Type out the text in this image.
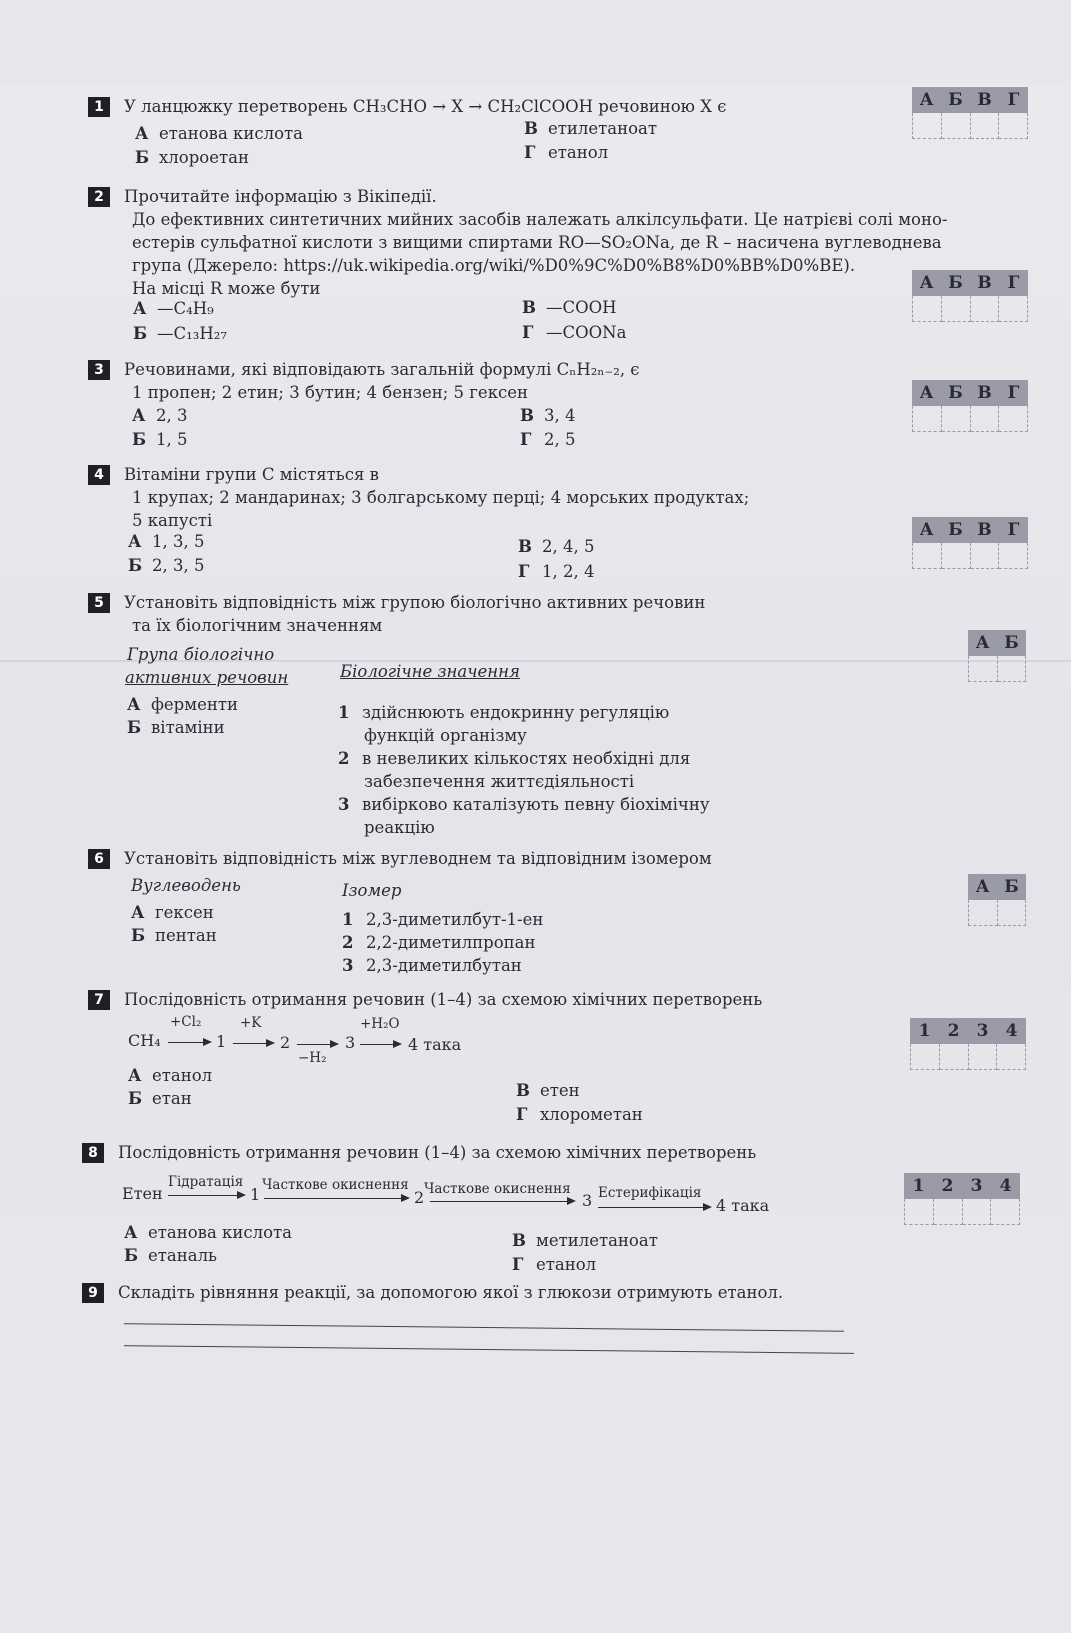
1 У ланцюжку перетворень CH₃CHO → X → CH₂ClCOOH речовиною X є
А етанова кислота
Б хлороетан
В етилетаноат
Г етанол
А Б В Г
2 Прочитайте інформацію з Вікіпедії.
До ефективних синтетичних мийних засобів належать алкілсульфати. Це натрієві солі моно-
естерів сульфатної кислоти з вищими спиртами RO—SO₂ONa, де R – насичена вуглеводнева
група (Джерело: https://uk.wikipedia.org/wiki/%D0%9C%D0%B8%D0%BB%D0%BE).
На місці R може бути
А —C₄H₉
Б —C₁₃H₂₇
В —COOH
Г —COONa
А Б В Г
3 Речовинами, які відповідають загальній формулі CₙH₂ₙ₋₂, є
1 пропен; 2 етин; 3 бутин; 4 бензен; 5 гексен
А 2, 3
Б 1, 5
В 3, 4
Г 2, 5
А Б В Г
4 Вітаміни групи С містяться в
1 крупах; 2 мандаринах; 3 болгарському перці; 4 морських продуктах;
5 капусті
А 1, 3, 5
Б 2, 3, 5
В 2, 4, 5
Г 1, 2, 4
А Б В Г
5 Установіть відповідність між групою біологічно активних речовин
та їх біологічним значенням
Група біологічно
активних речовин	Біологічне значення
А ферменти
Б вітаміни
1 здійснюють ендокринну регуляцію
функцій організму
2 в невеликих кількостях необхідні для
забезпечення життєдіяльності
3 вибірково каталізують певну біохімічну
реакцію
А Б
6 Установіть відповідність між вуглеводнем та відповідним ізомером
Вуглеводень	Ізомер
А гексен
Б пентан
1 2,3-диметилбут-1-ен
2 2,2-диметилпропан
3 2,3-диметилбутан
А Б
7 Послідовність отримання речовин (1–4) за схемою хімічних перетворень
CH₄
+Cl₂
1
+K
2
−H₂
3
+H₂O
4 така
А етанол
Б етан	В етен
Г хлорометан
1	2	3	4
8 Послідовність отримання речовин (1–4) за схемою хімічних перетворень
Етен
Гідратація
1 Часткове окиснення
2 Часткове окиснення
3 Естерифікація
4 така
А етанова кислота
Б етаналь
В метилетаноат
Г етанол
1	2	3	4
9 Складіть рівняння реакції, за допомогою якої з глюкози отримують етанол.
